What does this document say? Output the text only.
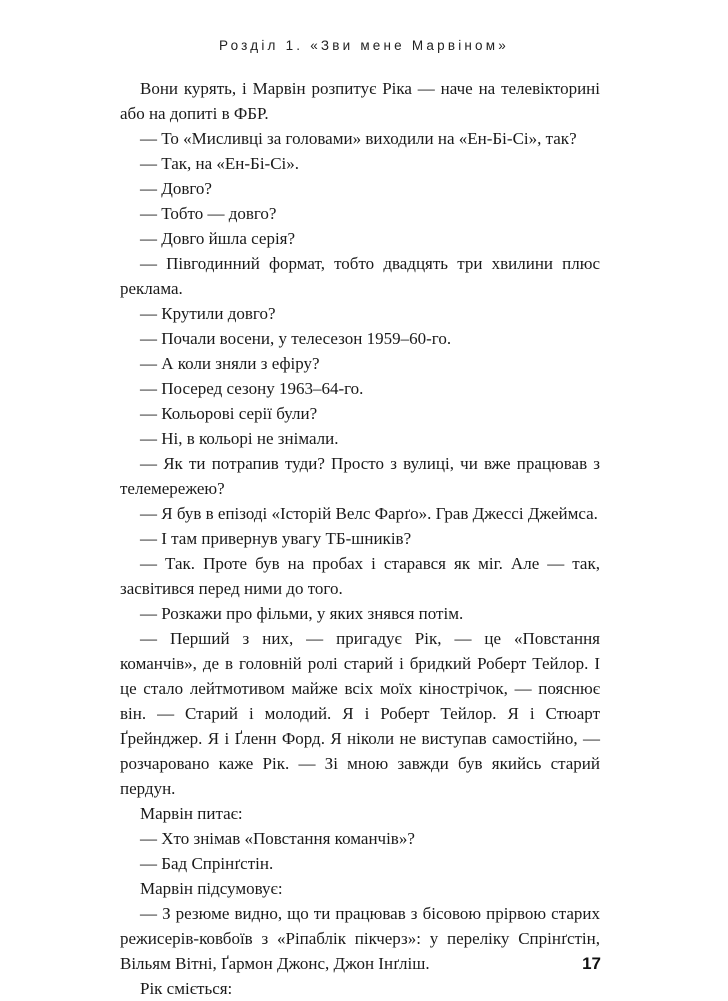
Розділ 1. «Зви мене Марвіном»

Вони курять, і Марвін розпитує Ріка — наче на телевікторині або на допиті в ФБР.

— То «Мисливці за головами» виходили на «Ен-Бі-Сі», так?

— Так, на «Ен-Бі-Сі».

— Довго?

— Тобто — довго?

— Довго йшла серія?

— Півгодинний формат, тобто двадцять три хвилини плюс реклама.

— Крутили довго?

— Почали восени, у телесезон 1959–60-го.

— А коли зняли з ефіру?

— Посеред сезону 1963–64-го.

— Кольорові серії були?

— Ні, в кольорі не знімали.

— Як ти потрапив туди? Просто з вулиці, чи вже працював з телемережею?

— Я був в епізоді «Історій Велс Фарґо». Грав Джессі Джеймса.

— І там привернув увагу ТБ-шників?

— Так. Проте був на пробах і старався як міг. Але — так, засвітився перед ними до того.

— Розкажи про фільми, у яких знявся потім.

— Перший з них, — пригадує Рік, — це «Повстання команчів», де в головній ролі старий і бридкий Роберт Тейлор. І це стало лейтмотивом майже всіх моїх кінострічок, — пояснює він. — Старий і молодий. Я і Роберт Тейлор. Я і Стюарт Ґрейнджер. Я і Ґленн Форд. Я ніколи не виступав самостійно, — розчаровано каже Рік. — Зі мною завжди був якийсь старий пердун.

Марвін питає:

— Хто знімав «Повстання команчів»?

— Бад Спрінґстін.

Марвін підсумовує:

— З резюме видно, що ти працював з бісовою прірвою старих режисерів-ковбоїв з «Ріпаблік пікчерз»: у переліку Спрінґстін, Вільям Вітні, Ґармон Джонс, Джон Інґліш.

Рік сміється:

17
